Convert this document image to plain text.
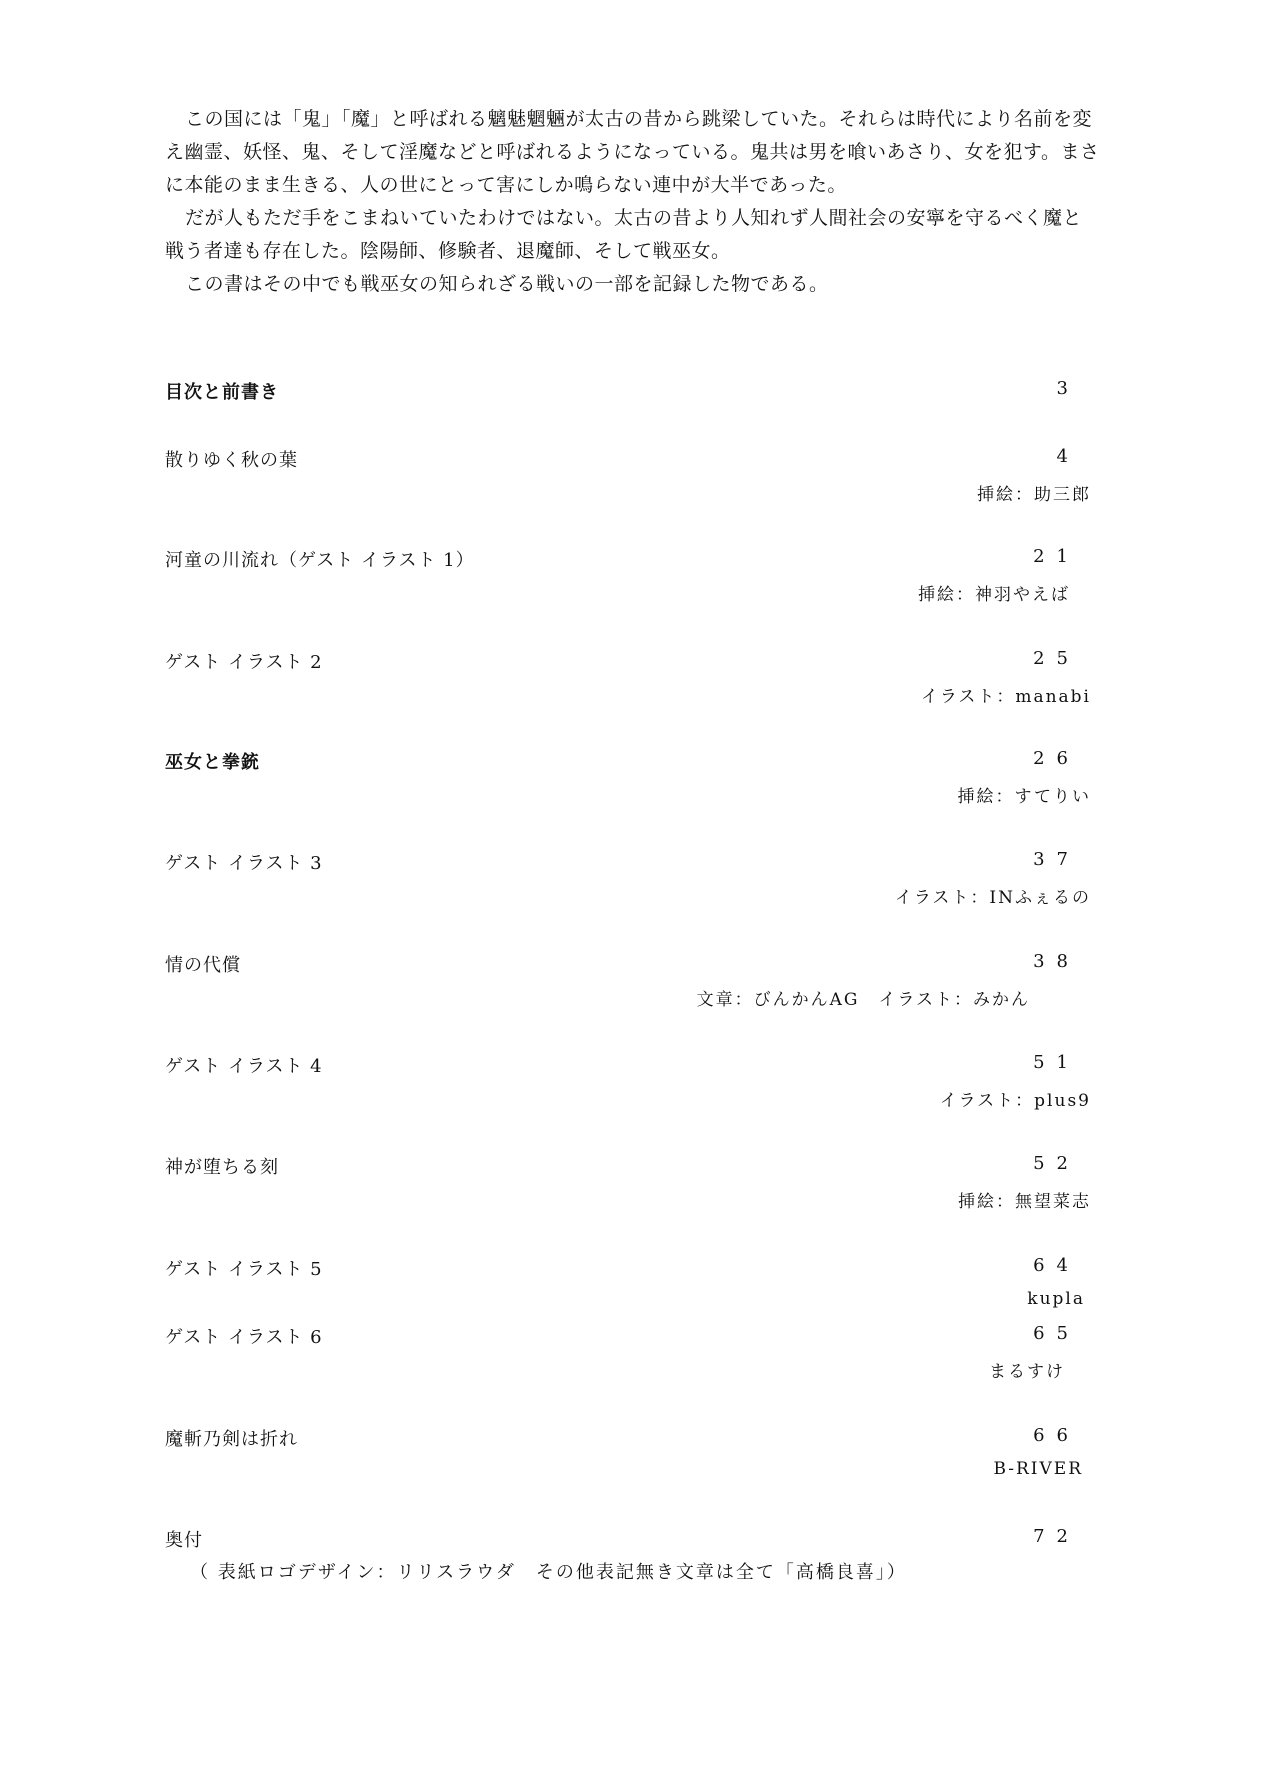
この国には「鬼」「魔」と呼ばれる魑魅魍魎が太古の昔から跳梁していた。それらは時代により名前を変え幽霊、妖怪、鬼、そして淫魔などと呼ばれるようになっている。鬼共は男を喰いあさり、女を犯す。まさに本能のまま生きる、人の世にとって害にしか鳴らない連中が大半であった。

だが人もただ手をこまねいていたわけではない。太古の昔より人知れず人間社会の安寧を守るべく魔と戦う者達も存在した。陰陽師、修験者、退魔師、そして戦巫女。

この書はその中でも戦巫女の知られざる戦いの一部を記録した物である。

目次と前書き	3
散りゆく秋の葉	4
挿絵：助三郎
河童の川流れ（ゲスト イラスト 1）	21
挿絵：神羽やえば
ゲスト イラスト 2	25
イラスト：manabi
巫女と拳銃	26
挿絵：すてりい
ゲスト イラスト 3	37
イラスト：INふぇるの
情の代償	38
文章：びんかんAG　イラスト：みかん
ゲスト イラスト 4	51
イラスト：plus9
神が堕ちる刻	52
挿絵：無望菜志
ゲスト イラスト 5	64
kupla
ゲスト イラスト 6	65
まるすけ
魔斬乃剣は折れ	66
B-RIVER
奥付	72
（ 表紙ロゴデザイン：リリスラウダ　その他表記無き文章は全て「高橋良喜」）
